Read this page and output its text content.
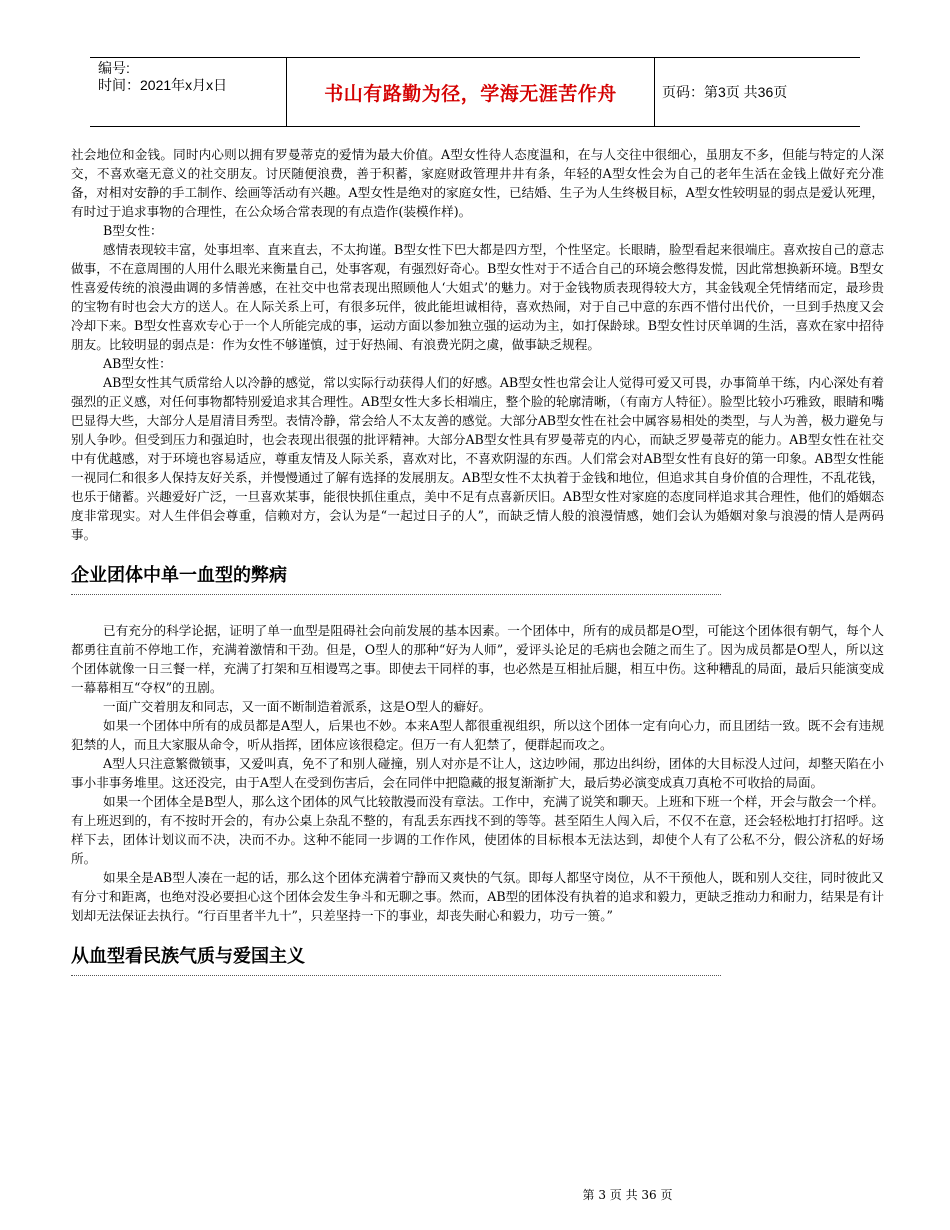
编号:
时间：2021年x月x日	书山有路勤为径，学海无涯苦作舟	页码：第3页 共36页

社会地位和金钱。同时内心则以拥有罗曼蒂克的爱情为最大价值。A型女性待人态度温和，在与人交往中很细心，虽朋友不多，但能与特定的人深交，不喜欢毫无意义的社交朋友。讨厌随便浪费，善于积蓄，家庭财政管理井井有条，年轻的A型女性会为自己的老年生活在金钱上做好充分准备，对相对安静的手工制作、绘画等活动有兴趣。A型女性是绝对的家庭女性，已结婚、生子为人生终极目标，A型女性较明显的弱点是爱认死理，有时过于追求事物的合理性，在公众场合常表现的有点造作(装模作样)。

B型女性：

感情表现较丰富，处事坦率、直来直去，不太拘谨。B型女性下巴大都是四方型，个性坚定。长眼睛，脸型看起来很端庄。喜欢按自己的意志做事，不在意周围的人用什么眼光来衡量自己，处事客观，有强烈好奇心。B型女性对于不适合自己的环境会憋得发慌，因此常想换新环境。B型女性喜爱传统的浪漫曲调的多情善感，在社交中也常表现出照顾他人‘大姐式’的魅力。对于金钱物质表现得较大方，其金钱观全凭情绪而定，最珍贵的宝物有时也会大方的送人。在人际关系上可，有很多玩伴，彼此能坦诚相待，喜欢热闹，对于自己中意的东西不惜付出代价，一旦到手热度又会冷却下来。B型女性喜欢专心于一个人所能完成的事，运动方面以参加独立强的运动为主，如打保龄球。B型女性讨厌单调的生活，喜欢在家中招待朋友。比较明显的弱点是：作为女性不够谨慎，过于好热闹、有浪费光阴之虞，做事缺乏规程。

AB型女性：

AB型女性其气质常给人以冷静的感觉，常以实际行动获得人们的好感。AB型女性也常会让人觉得可爱又可畏，办事简单干练，内心深处有着强烈的正义感，对任何事物都特别爱追求其合理性。AB型女性大多长相端庄，整个脸的轮廓清晰，（有南方人特征）。脸型比较小巧雅致，眼睛和嘴巴显得大些，大部分人是眉清目秀型。表情冷静，常会给人不太友善的感觉。大部分AB型女性在社会中属容易相处的类型，与人为善，极力避免与别人争吵。但受到压力和强迫时，也会表现出很强的批评精神。大部分AB型女性具有罗曼蒂克的内心，而缺乏罗曼蒂克的能力。AB型女性在社交中有优越感，对于环境也容易适应，尊重友情及人际关系，喜欢对比，不喜欢阴湿的东西。人们常会对AB型女性有良好的第一印象。AB型女性能一视同仁和很多人保持友好关系，并慢慢通过了解有选择的发展朋友。AB型女性不太执着于金钱和地位，但追求其自身价值的合理性，不乱花钱，也乐于储蓄。兴趣爱好广泛，一旦喜欢某事，能很快抓住重点，美中不足有点喜新厌旧。AB型女性对家庭的态度同样追求其合理性，他们的婚姻态度非常现实。对人生伴侣会尊重，信赖对方，会认为是“一起过日子的人”，而缺乏情人般的浪漫情感，她们会认为婚姻对象与浪漫的情人是两码事。

企业团体中单一血型的弊病

已有充分的科学论据，证明了单一血型是阻碍社会向前发展的基本因素。一个团体中，所有的成员都是O型，可能这个团体很有朝气，每个人都勇往直前不停地工作，充满着激情和干劲。但是，O型人的那种“好为人师”，爱评头论足的毛病也会随之而生了。因为成员都是O型人，所以这个团体就像一日三餐一样，充满了打架和互相谩骂之事。即使去干同样的事，也必然是互相扯后腿，相互中伤。这种糟乱的局面，最后只能演变成一幕幕相互“夺权”的丑剧。

一面广交着朋友和同志，又一面不断制造着派系，这是O型人的癖好。

如果一个团体中所有的成员都是A型人，后果也不妙。本来A型人都很重视组织，所以这个团体一定有向心力，而且团结一致。既不会有违规犯禁的人，而且大家服从命令，听从指挥，团体应该很稳定。但万一有人犯禁了，便群起而攻之。

A型人只注意繁微锁事，又爱叫真，免不了和别人碰撞，别人对亦是不让人，这边吵闹，那边出纠纷，团体的大目标没人过问，却整天陷在小事小非事务堆里。这还没完，由于A型人在受到伤害后，会在同伴中把隐藏的报复渐渐扩大，最后势必演变成真刀真枪不可收拾的局面。

如果一个团体全是B型人，那么这个团体的风气比较散漫而没有章法。工作中，充满了说笑和聊天。上班和下班一个样，开会与散会一个样。有上班迟到的，有不按时开会的，有办公桌上杂乱不整的，有乱丢东西找不到的等等。甚至陌生人闯入后，不仅不在意，还会轻松地打打招呼。这样下去，团体计划议而不决，决而不办。这种不能同一步调的工作作风，使团体的目标根本无法达到，却使个人有了公私不分，假公济私的好场所。

如果全是AB型人凑在一起的话，那么这个团体充满着宁静而又爽快的气氛。即每人都坚守岗位，从不干预他人，既和别人交往，同时彼此又有分寸和距离，也绝对没必要担心这个团体会发生争斗和无聊之事。然而，AB型的团体没有执着的追求和毅力，更缺乏推动力和耐力，结果是有计划却无法保证去执行。“行百里者半九十”，只差坚持一下的事业，却丧失耐心和毅力，功亏一篑。”

从血型看民族气质与爱国主义
第 3 页 共 36 页
